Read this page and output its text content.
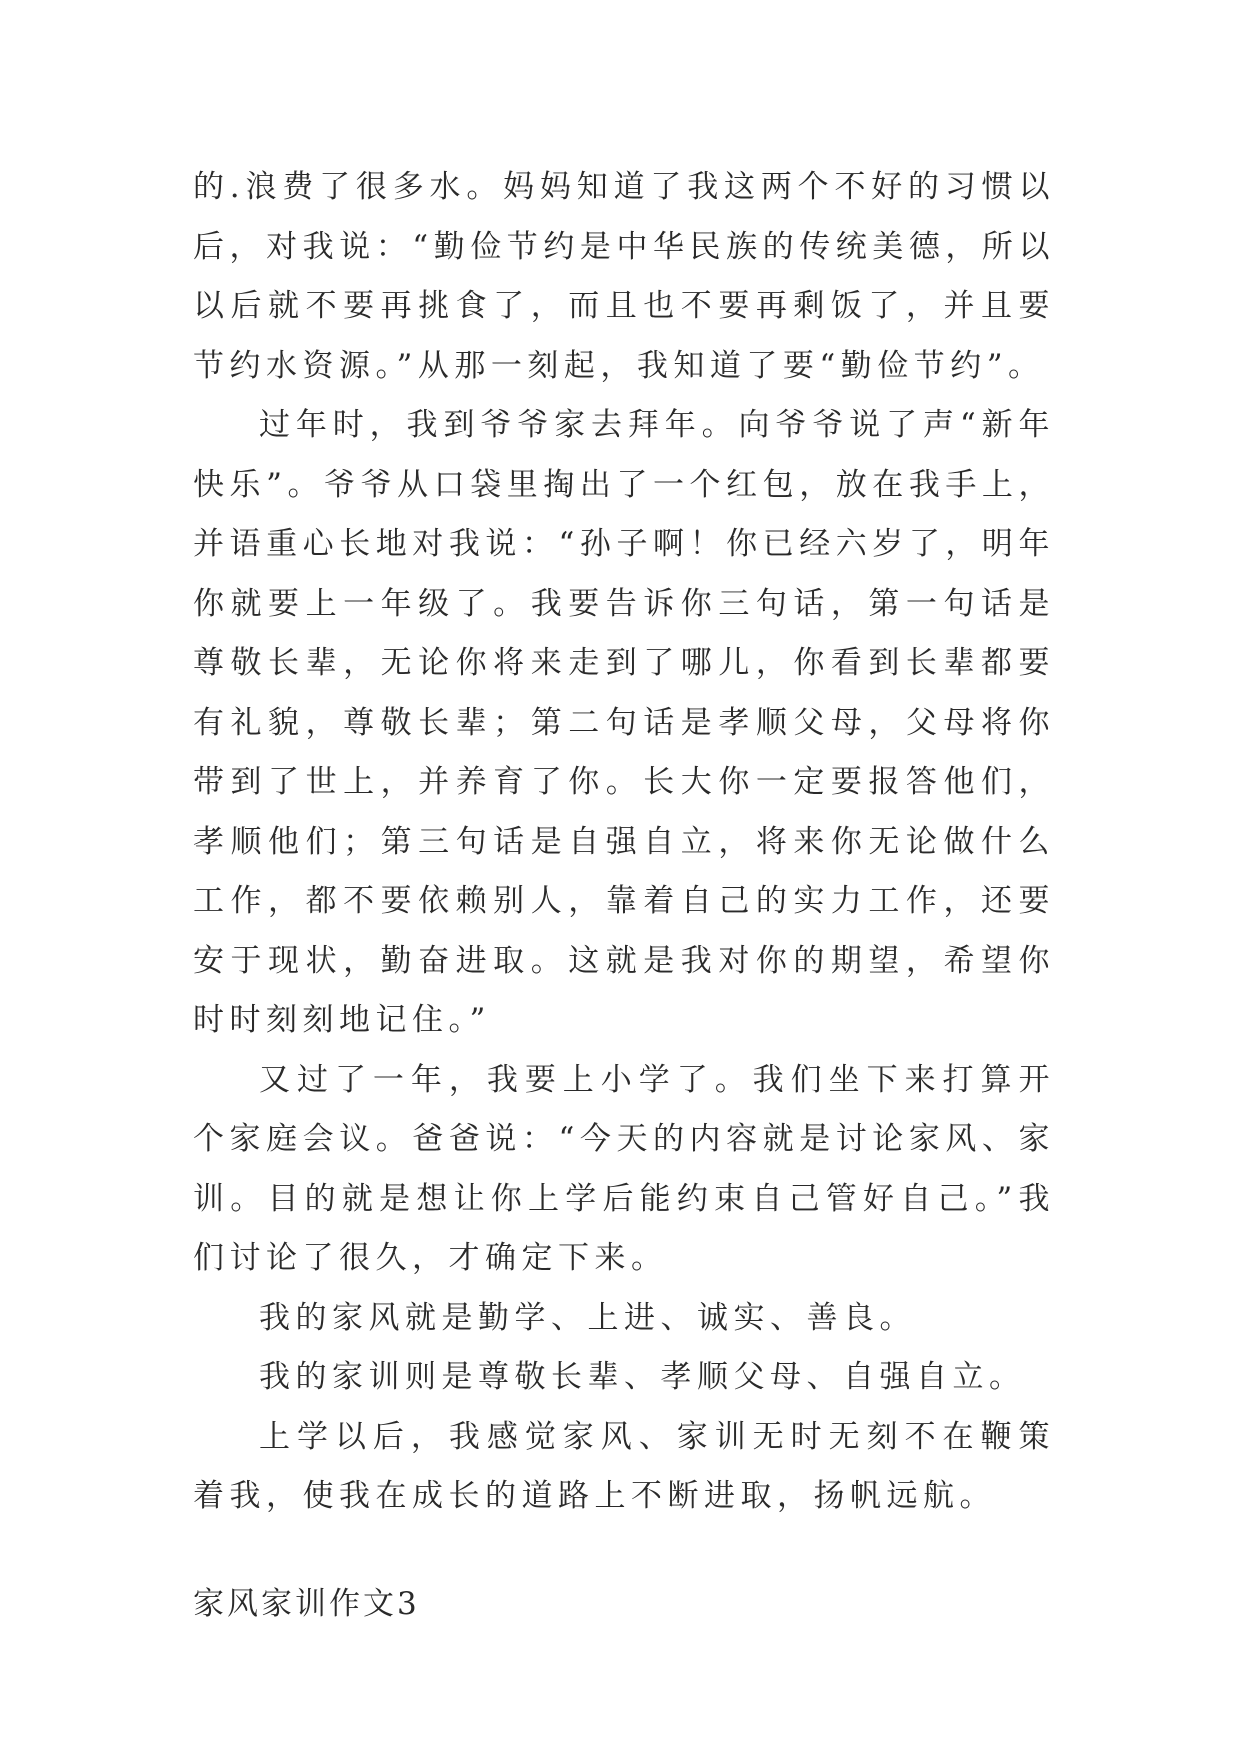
的.浪费了很多水。妈妈知道了我这两个不好的习惯以后，对我说：“勤俭节约是中华民族的传统美德，所以以后就不要再挑食了，而且也不要再剩饭了，并且要节约水资源。”从那一刻起，我知道了要“勤俭节约”。

过年时，我到爷爷家去拜年。向爷爷说了声“新年快乐”。爷爷从口袋里掏出了一个红包，放在我手上，并语重心长地对我说：“孙子啊！你已经六岁了，明年你就要上一年级了。我要告诉你三句话，第一句话是尊敬长辈，无论你将来走到了哪儿，你看到长辈都要有礼貌，尊敬长辈；第二句话是孝顺父母，父母将你带到了世上，并养育了你。长大你一定要报答他们，孝顺他们；第三句话是自强自立，将来你无论做什么工作，都不要依赖别人，靠着自己的实力工作，还要安于现状，勤奋进取。这就是我对你的期望，希望你时时刻刻地记住。”

又过了一年，我要上小学了。我们坐下来打算开个家庭会议。爸爸说：“今天的内容就是讨论家风、家训。目的就是想让你上学后能约束自己管好自己。”我们讨论了很久，才确定下来。

我的家风就是勤学、上进、诚实、善良。

我的家训则是尊敬长辈、孝顺父母、自强自立。

上学以后，我感觉家风、家训无时无刻不在鞭策着我，使我在成长的道路上不断进取，扬帆远航。

家风家训作文3
